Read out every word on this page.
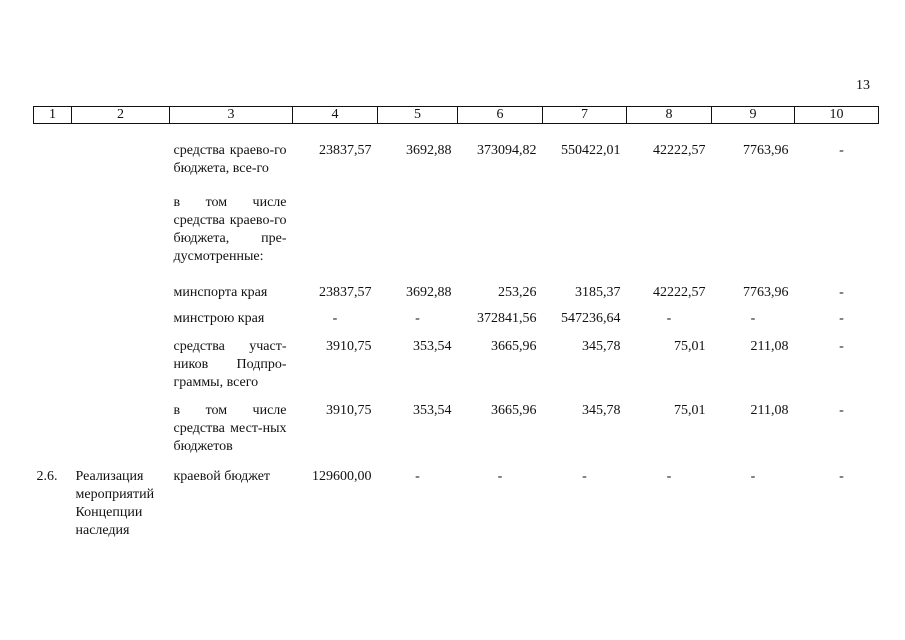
13
1	2	3	4	5	6	7	8	9	10
		средства краево-го бюджета, все-го	23837,57	3692,88	373094,82	550422,01	42222,57	7763,96	-
		в том числе средства краево-го бюджета, пре-дусмотренные:							
		минспорта края	23837,57	3692,88	253,26	3185,37	42222,57	7763,96	-
		минстрою края	-	-	372841,56	547236,64	-	-	-
		средства участ-ников Подпро-граммы, всего	3910,75	353,54	3665,96	345,78	75,01	211,08	-
		в том числе средства мест-ных бюджетов	3910,75	353,54	3665,96	345,78	75,01	211,08	-
2.6.	Реализация мероприятий Концепции наследия	краевой бюджет	129600,00	-	-	-	-	-	-
